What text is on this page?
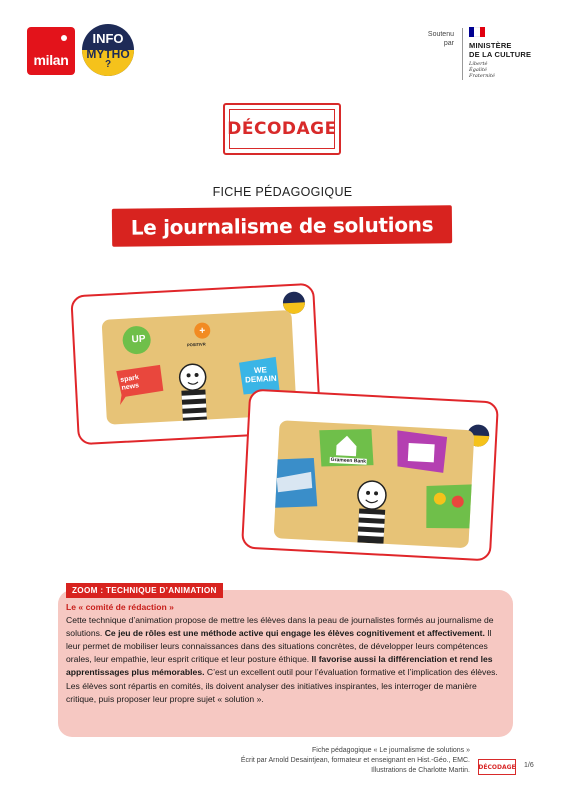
milan
INFO
MYTHO
?
Soutenu par MINISTÈRE
DE LA CULTURE
Liberté
Égalité
Fraternité
DÉCODAGE
FICHE PÉDAGOGIQUE
Le journalisme de solutions
+
UP	POSITIVR
spark news
WE DEMAIN
Grameen Bank
ZOOM : TECHNIQUE D’ANIMATION
Le « comité de rédaction »

Cette technique d’animation propose de mettre les élèves dans la peau de journalistes formés au journalisme de solutions. Ce jeu de rôles est une méthode active qui engage les élèves cognitivement et affectivement. Il leur permet de mobiliser leurs connaissances dans des situations concrètes, de développer leurs compétences orales, leur empathie, leur esprit critique et leur posture éthique. Il favorise aussi la différenciation et rend les apprentissages plus mémorables. C’est un excellent outil pour l’évaluation formative et l’implication des élèves.

Les élèves sont répartis en comités, ils doivent analyser des initiatives inspirantes, les interroger de manière critique, puis proposer leur propre sujet « solution ».

Fiche pédagogique « Le journalisme de solutions »
Écrit par Arnold Desaintjean, formateur et enseignant en Hist.-Géo., EMC.
Illustrations de Charlotte Martin. DÉCODAGE 1/6
